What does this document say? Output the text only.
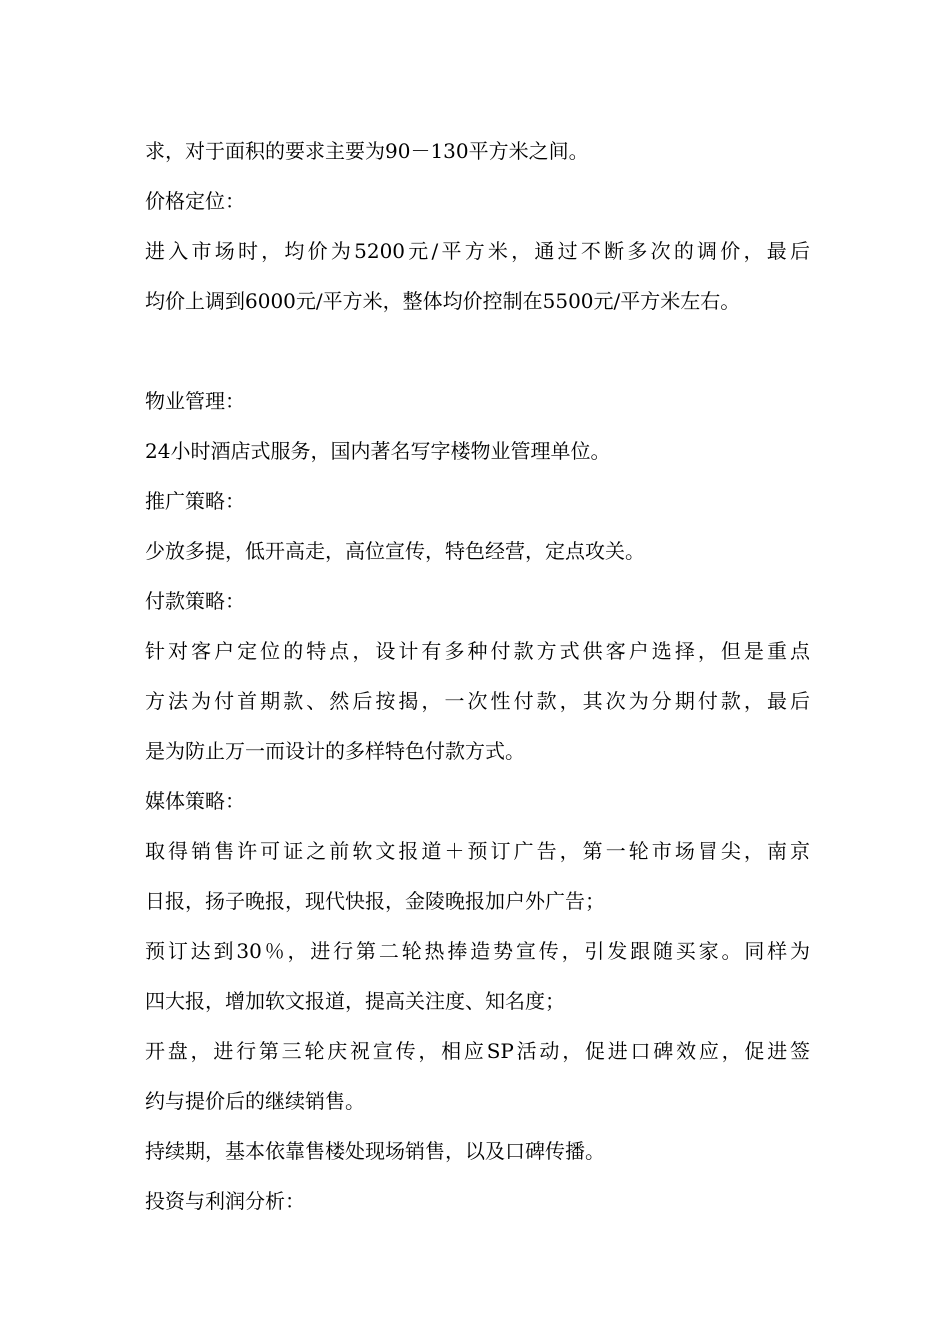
求，对于面积的要求主要为90－130平方米之间。
价格定位：
进入市场时，均价为5200元/平方米，通过不断多次的调价，最后
均价上调到6000元/平方米，整体均价控制在5500元/平方米左右。
物业管理：
24小时酒店式服务，国内著名写字楼物业管理单位。
推广策略：
少放多提，低开高走，高位宣传，特色经营，定点攻关。
付款策略：
针对客户定位的特点，设计有多种付款方式供客户选择，但是重点
方法为付首期款、然后按揭，一次性付款，其次为分期付款，最后
是为防止万一而设计的多样特色付款方式。
媒体策略：
取得销售许可证之前软文报道＋预订广告，第一轮市场冒尖，南京
日报，扬子晚报，现代快报，金陵晚报加户外广告；
预订达到30％，进行第二轮热捧造势宣传，引发跟随买家。同样为
四大报，增加软文报道，提高关注度、知名度；
开盘，进行第三轮庆祝宣传，相应SP活动，促进口碑效应，促进签
约与提价后的继续销售。
持续期，基本依靠售楼处现场销售，以及口碑传播。
投资与利润分析：
